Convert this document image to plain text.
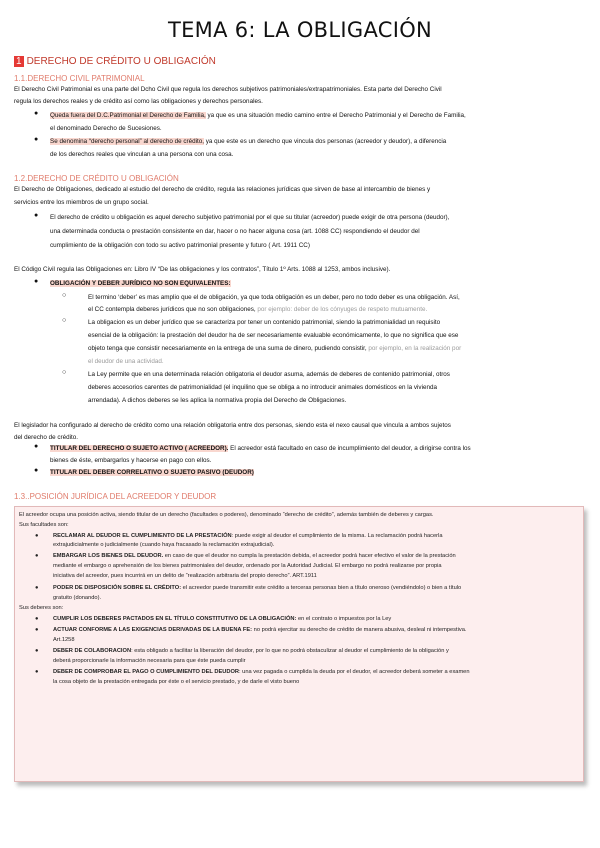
TEMA 6: LA OBLIGACIÓN
1 DERECHO DE CRÉDITO U OBLIGACIÓN
1.1.DERECHO CIVIL PATRIMONIAL
El Derecho Civil Patrimonial es una parte del Dcho Civil que regula los derechos subjetivos patrimoniales/extrapatrimoniales. Esta parte del Derecho Civil
regula los derechos reales y de crédito así como las obligaciones y derechos personales.
● Queda fuera del D.C.Patrimonial el Derecho de Familia, ya que es una situación medio camino entre el Derecho Patrimonial y el Derecho de Familia,
el denominado Derecho de Sucesiones.
● Se denomina “derecho personal” al derecho de crédito, ya que este es un derecho que vincula dos personas (acreedor y deudor), a diferencia
de los derechos reales que vinculan a una persona con una cosa.
1.2.DERECHO DE CRÉDITO U OBLIGACIÓN
El Derecho de Obligaciones, dedicado al estudio del derecho de crédito, regula las relaciones jurídicas que sirven de base al intercambio de bienes y
servicios entre los miembros de un grupo social.
● El derecho de crédito u obligación es aquel derecho subjetivo patrimonial por el que su titular (acreedor) puede exigir de otra persona (deudor),
una determinada conducta o prestación consistente en dar, hacer o no hacer alguna cosa (art. 1088 CC) respondiendo el deudor del
cumplimiento de la obligación con todo su activo patrimonial presente y futuro ( Art. 1911 CC)
El Código Civil regula las Obligaciones en: Libro IV “De las obligaciones y los contratos”, Título 1º Arts. 1088 al 1253, ambos inclusive).
● OBLIGACIÓN Y DEBER JURÍDICO NO SON EQUIVALENTES:
○	El termino ‘deber’ es mas amplio que el de obligación, ya que toda obligación es un deber, pero no todo deber es una obligación. Así,
el CC contempla deberes jurídicos que no son obligaciones, por ejemplo: deber de los cónyuges de respeto mutuamente.
○	La obligacion es un deber jurídico que se caracteriza por tener un contenido patrimonial, siendo la patrimonialidad un requisito
esencial de la obligación: la prestación del deudor ha de ser necesariamente evaluable económicamente, lo que no significa que ese
objeto tenga que consistir necesariamente en la entrega de una suma de dinero, pudiendo consistir, por ejemplo, en la realización por
el deudor de una actividad.
○	La Ley permite que en una determinada relación obligatoria el deudor asuma, además de deberes de contenido patrimonial, otros
deberes accesorios carentes de patrimonialidad (el inquilino que se obliga a no introducir animales domésticos en la vivienda
arrendada). A dichos deberes se les aplica la normativa propia del Derecho de Obligaciones.
El legislador ha configurado al derecho de crédito como una relación obligatoria entre dos personas, siendo esta el nexo causal que vincula a ambos sujetos
del derecho de crédito.
● TITULAR DEL DERECHO O SUJETO ACTIVO ( ACREEDOR). El acreedor está facultado en caso de incumplimiento del deudor, a dirigirse contra los
bienes de éste, embargarlos y hacerse en pago con ellos.
● TITULAR DEL DEBER CORRELATIVO O SUJETO PASIVO (DEUDOR)
1.3..POSICIÓN JURÍDICA DEL ACREEDOR Y DEUDOR
El acreedor ocupa una posición activa, siendo titular de un derecho (facultades o poderes), denominado “derecho de crédito”, además también de deberes y cargas.
Sus facultades son:
●	RECLAMAR AL DEUDOR EL CUMPLIMIENTO DE LA PRESTACIÓN: puede exigir al deudor el cumplimiento de la misma. La reclamación podrá hacerla
extrajudicialmente o judicialmente (cuando haya fracasado la reclamación extrajudicial).
●	EMBARGAR LOS BIENES DEL DEUDOR. en caso de que el deudor no cumpla la prestación debida, el acreedor podrá hacer efectivo el valor de la prestación
mediante el embargo o aprehensión de los bienes patrimoniales del deudor, ordenado por la Autoridad Judicial. El embargo no podrá realizarse por propia
iniciativa del acreedor, pues incurrirá en un delito de “realización arbitraria del propio derecho”. ART.1911
●	PODER DE DISPOSICIÓN SOBRE EL CRÉDITO: el acreedor puede transmitir este crédito a terceras personas bien a título oneroso (vendiéndolo) o bien a título
gratuito (donando).
Sus deberes son:
●	CUMPLIR LOS DEBERES PACTADOS EN EL TÍTULO CONSTITUTIVO DE LA OBLIGACIÓN: en el contrato o impuestos por la Ley
●	ACTUAR CONFORME A LAS EXIGENCIAS DERIVADAS DE LA BUENA FE: no podrá ejercitar su derecho de crédito de manera abusiva, desleal ni intempestiva.
Art.1258
●	DEBER DE COLABORACION: esta obligado a facilitar la liberación del deudor, por lo que no podrá obstaculizar al deudor el cumplimiento de la obligación y
deberá proporcionarle la información necesaria para que éste pueda cumplir
●	DEBER DE COMPROBAR EL PAGO O CUMPLIMIENTO DEL DEUDOR: una vez pagada o cumplida la deuda por el deudor, el acreedor deberá someter a examen
la cosa objeto de la prestación entregada por éste o el servicio prestado, y de darle el visto bueno
